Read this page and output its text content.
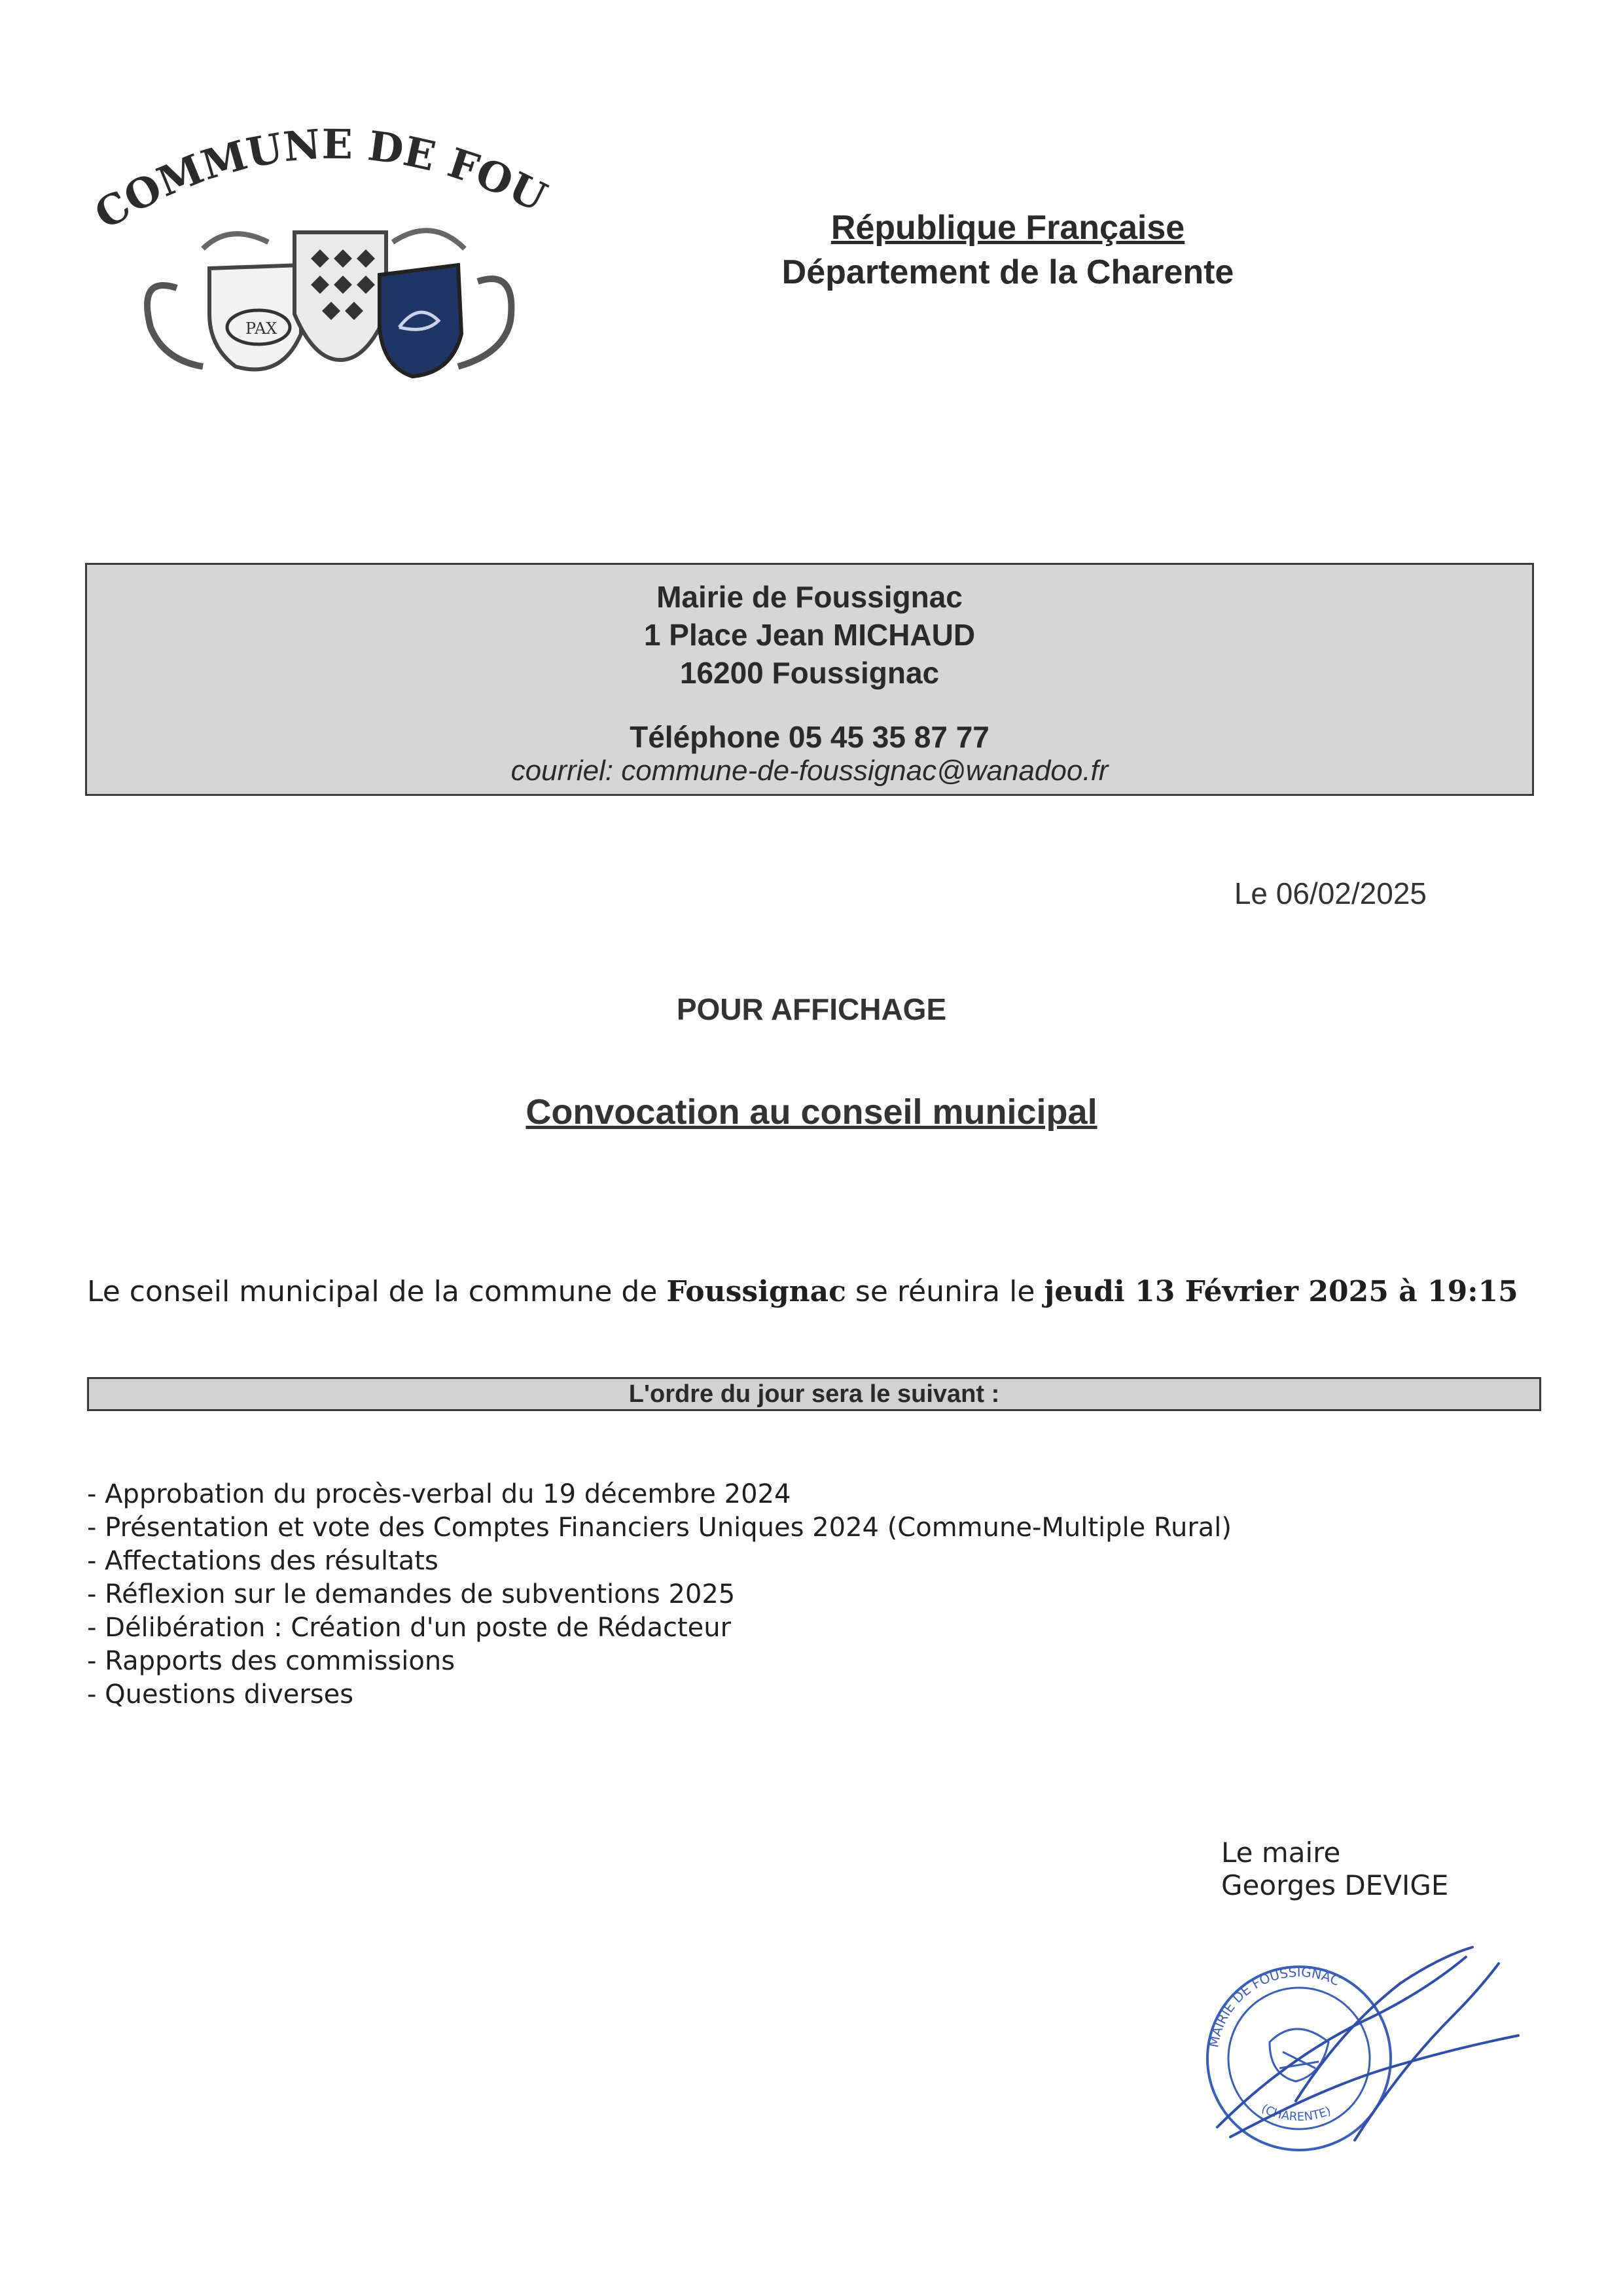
COMMUNE DE FOU
PAX
République Française
Département de la Charente
Mairie de Foussignac
1 Place Jean MICHAUD
16200 Foussignac
Téléphone 05 45 35 87 77
courriel: commune-de-foussignac@wanadoo.fr
Le 06/02/2025
POUR AFFICHAGE
Convocation au conseil municipal
Le conseil municipal de la commune de Foussignac se réunira le jeudi 13 Février 2025 à 19:15
L'ordre du jour sera le suivant :
- Approbation du procès-verbal du 19 décembre 2024
- Présentation et vote des Comptes Financiers Uniques 2024 (Commune-Multiple Rural)
- Affectations des résultats
- Réflexion sur le demandes de subventions 2025
- Délibération : Création d'un poste de Rédacteur
- Rapports des commissions
- Questions diverses
Le maire
Georges DEVIGE
MAIRIE DE FOUSSIGNAC
(CHARENTE)
